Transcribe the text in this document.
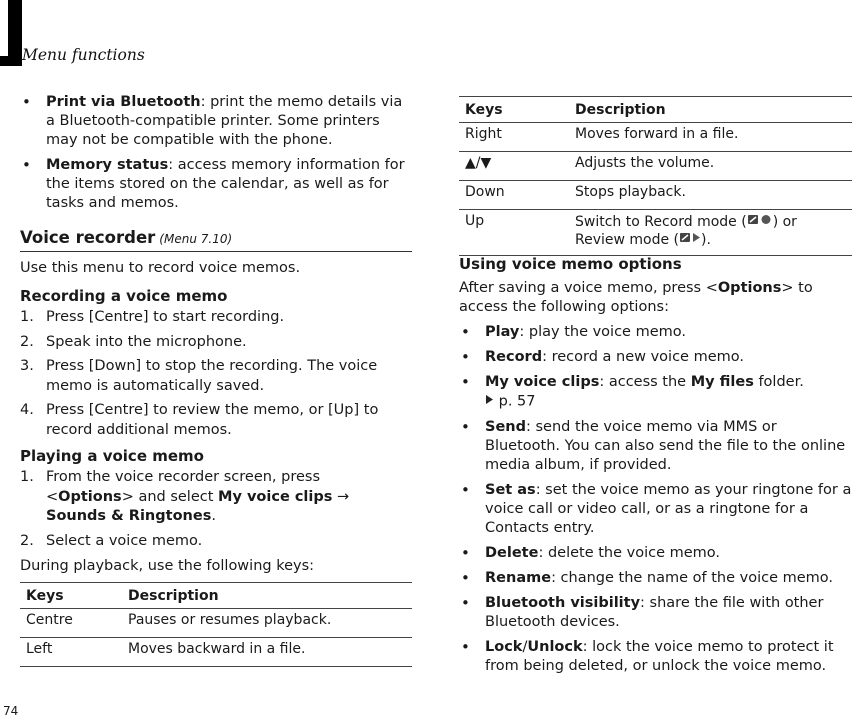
Menu functions
• Print via Bluetooth: print the memo details via a Bluetooth-compatible printer. Some printers may not be compatible with the phone.
• Memory status: access memory information for the items stored on the calendar, as well as for tasks and memos.
Voice recorder (Menu 7.10)
Use this menu to record voice memos.
Recording a voice memo
1. Press [Centre] to start recording.
2. Speak into the microphone.
3. Press [Down] to stop the recording. The voice memo is automatically saved.
4. Press [Centre] to review the memo, or [Up] to record additional memos.
Playing a voice memo
1. From the voice recorder screen, press <Options> and select My voice clips → Sounds & Ringtones.
2. Select a voice memo.
During playback, use the following keys:
Keys	Description
Centre	Pauses or resumes playback.
Left	Moves backward in a file.
Keys	Description
Right	Moves forward in a file.
▲/▼	Adjusts the volume.
Down	Stops playback.
Up	Switch to Record mode ( ) or Review mode ( ).
Using voice memo options
After saving a voice memo, press <Options> to access the following options:
• Play: play the voice memo.
• Record: record a new voice memo.
• My voice clips: access the My files folder.
p. 57
• Send: send the voice memo via MMS or Bluetooth. You can also send the file to the online media album, if provided.
• Set as: set the voice memo as your ringtone for a voice call or video call, or as a ringtone for a Contacts entry.
• Delete: delete the voice memo.
• Rename: change the name of the voice memo.
• Bluetooth visibility: share the file with other Bluetooth devices.
• Lock/Unlock: lock the voice memo to protect it from being deleted, or unlock the voice memo.
74
